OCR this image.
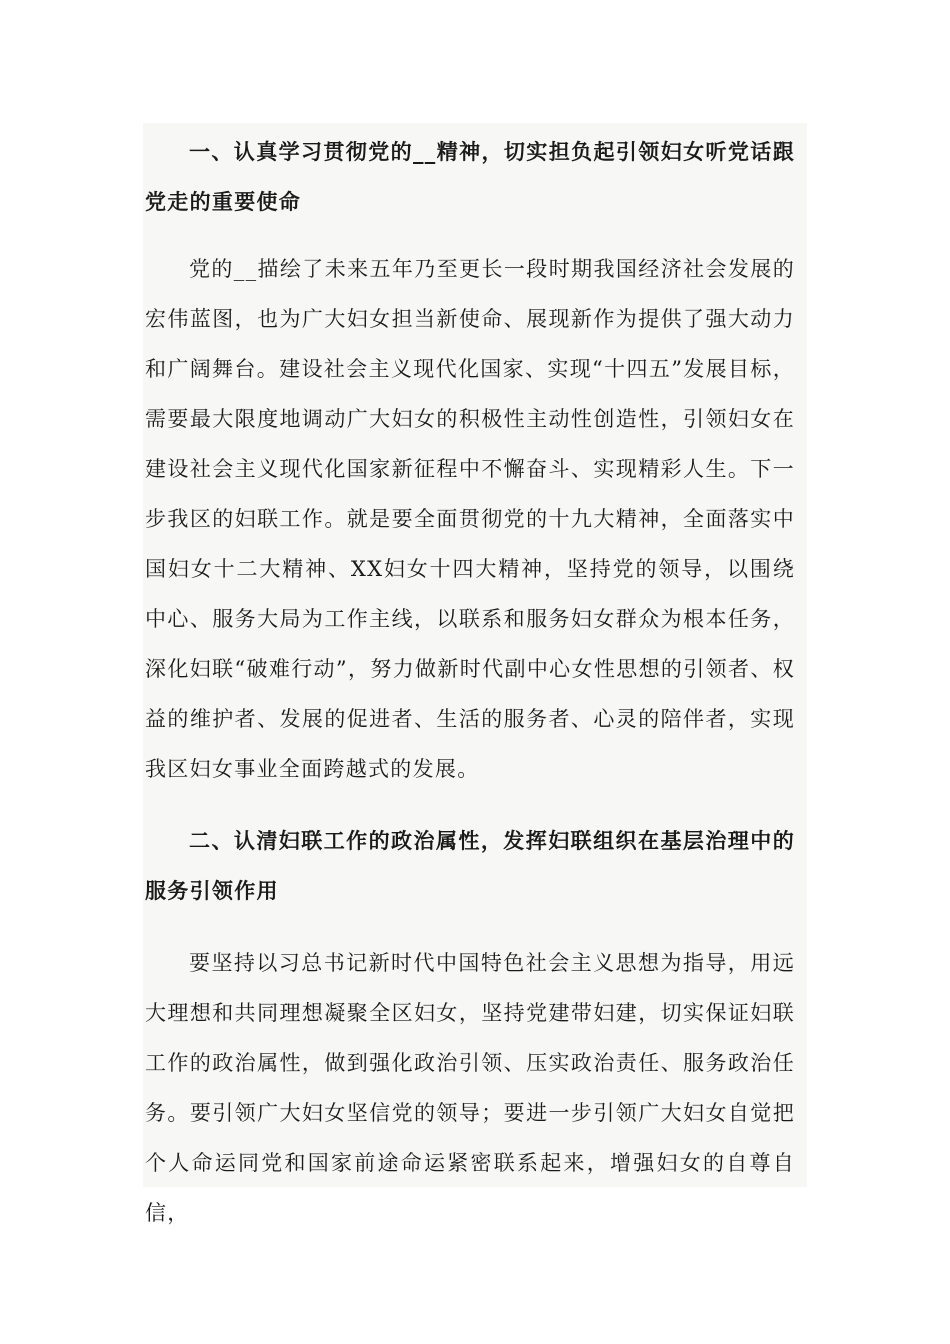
一、认真学习贯彻党的__精神，切实担负起引领妇女听党话跟党走的重要使命

党的__描绘了未来五年乃至更长一段时期我国经济社会发展的宏伟蓝图，也为广大妇女担当新使命、展现新作为提供了强大动力和广阔舞台。建设社会主义现代化国家、实现“十四五”发展目标，需要最大限度地调动广大妇女的积极性主动性创造性，引领妇女在建设社会主义现代化国家新征程中不懈奋斗、实现精彩人生。下一步我区的妇联工作。就是要全面贯彻党的十九大精神，全面落实中国妇女十二大精神、XX妇女十四大精神，坚持党的领导，以围绕中心、服务大局为工作主线，以联系和服务妇女群众为根本任务，深化妇联“破难行动”，努力做新时代副中心女性思想的引领者、权益的维护者、发展的促进者、生活的服务者、心灵的陪伴者，实现我区妇女事业全面跨越式的发展。

二、认清妇联工作的政治属性，发挥妇联组织在基层治理中的服务引领作用

要坚持以习总书记新时代中国特色社会主义思想为指导，用远大理想和共同理想凝聚全区妇女，坚持党建带妇建，切实保证妇联工作的政治属性，做到强化政治引领、压实政治责任、服务政治任务。要引领广大妇女坚信党的领导；要进一步引领广大妇女自觉把个人命运同党和国家前途命运紧密联系起来，增强妇女的自尊自信，
